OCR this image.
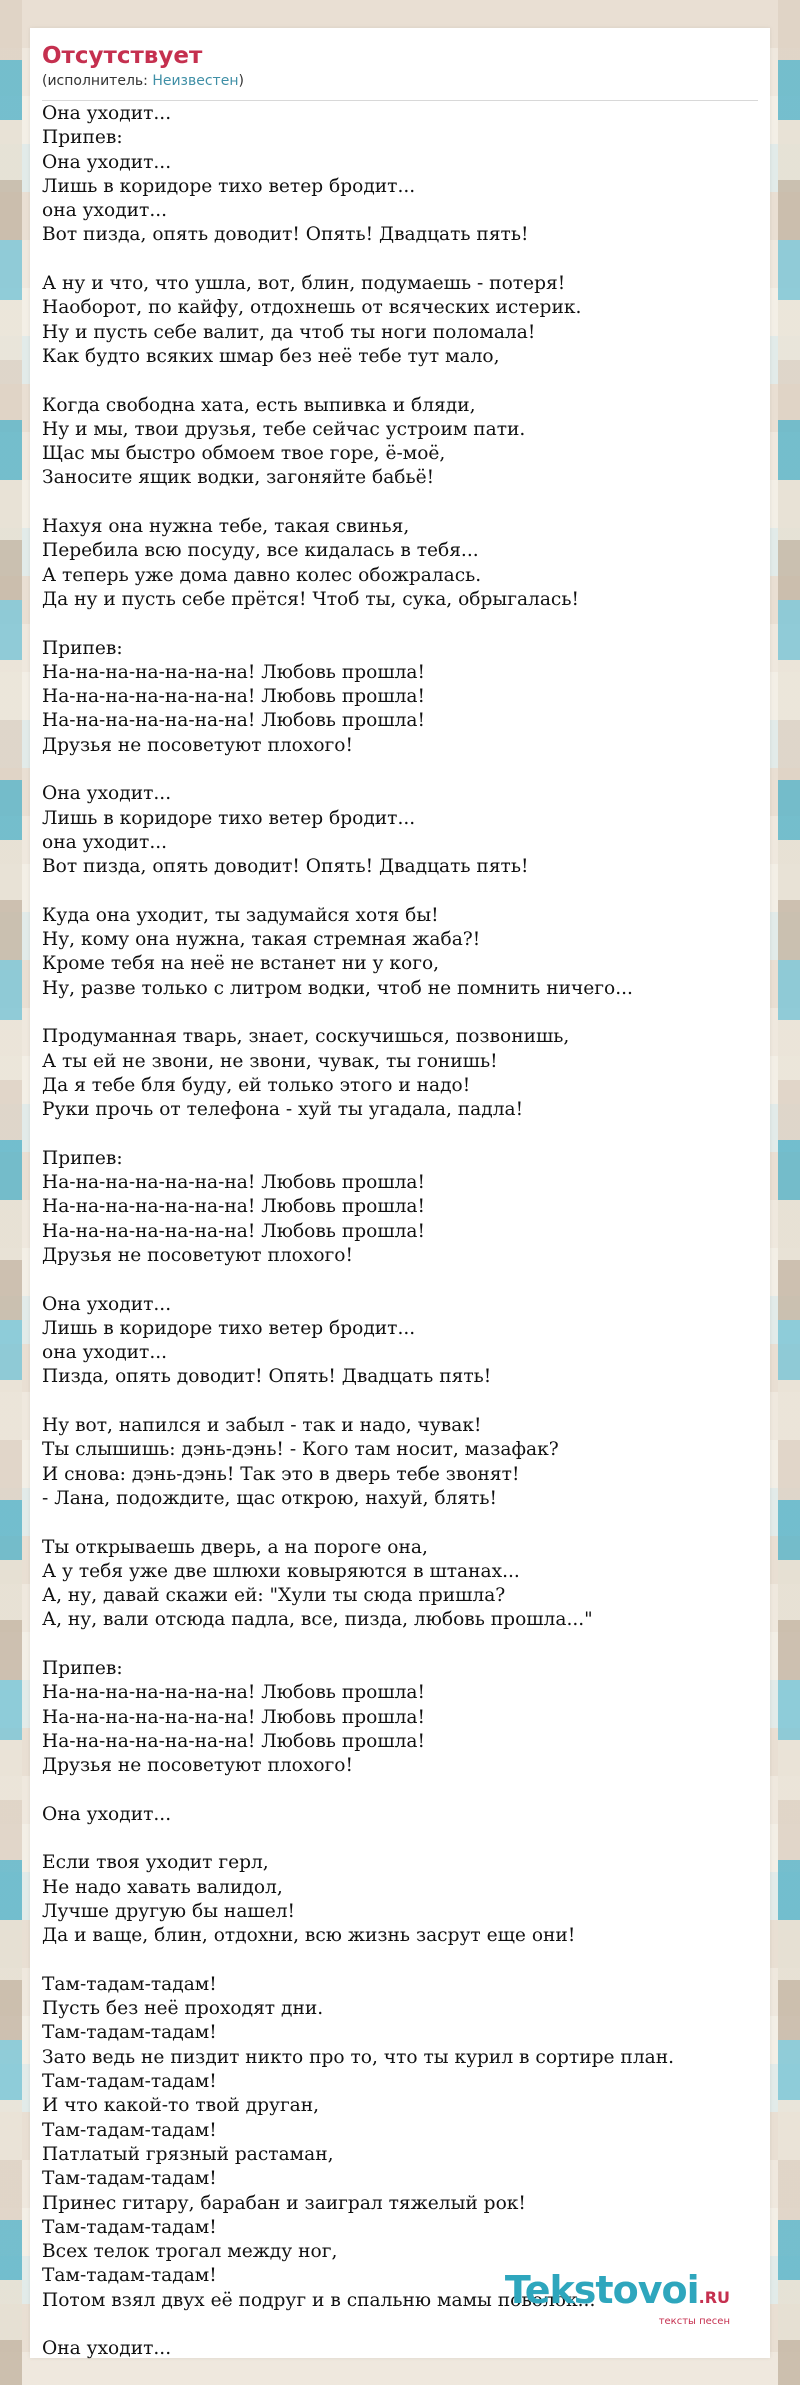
Отсутствует
(исполнитель: Неизвестен)
Она уходит...
Припев:
Она уходит...
Лишь в коридоре тихо ветер бродит...
она уходит...
Вот пизда, опять доводит! Опять! Двадцать пять!

А ну и что, что ушла, вот, блин, подумаешь - потеря!
Наоборот, по кайфу, отдохнешь от всяческих истерик.
Ну и пусть себе валит, да чтоб ты ноги поломала!
Как будто всяких шмар без неё тебе тут мало,

Когда свободна хата, есть выпивка и бляди,
Ну и мы, твои друзья, тебе сейчас устроим пати.
Щас мы быстро обмоем твое горе, ё-моё,
Заносите ящик водки, загоняйте бабьё!

Нахуя она нужна тебе, такая свинья,
Перебила всю посуду, все кидалась в тебя...
А теперь уже дома давно колес обожралась.
Да ну и пусть себе прётся! Чтоб ты, сука, обрыгалась!

Припев:
На-на-на-на-на-на-на! Любовь прошла!
На-на-на-на-на-на-на! Любовь прошла!
На-на-на-на-на-на-на! Любовь прошла!
Друзья не посоветуют плохого!

Она уходит...
Лишь в коридоре тихо ветер бродит...
она уходит...
Вот пизда, опять доводит! Опять! Двадцать пять!

Куда она уходит, ты задумайся хотя бы!
Ну, кому она нужна, такая стремная жаба?!
Кроме тебя на неё не встанет ни у кого,
Ну, разве только с литром водки, чтоб не помнить ничего...

Продуманная тварь, знает, соскучишься, позвонишь,
А ты ей не звони, не звони, чувак, ты гонишь!
Да я тебе бля буду, ей только этого и надо!
Руки прочь от телефона - хуй ты угадала, падла!

Припев:
На-на-на-на-на-на-на! Любовь прошла!
На-на-на-на-на-на-на! Любовь прошла!
На-на-на-на-на-на-на! Любовь прошла!
Друзья не посоветуют плохого!

Она уходит...
Лишь в коридоре тихо ветер бродит...
она уходит...
Пизда, опять доводит! Опять! Двадцать пять!

Ну вот, напился и забыл - так и надо, чувак!
Ты слышишь: дэнь-дэнь! - Кого там носит, мазафак?
И снова: дэнь-дэнь! Так это в дверь тебе звонят!
- Лана, подождите, щас открою, нахуй, блять!

Ты открываешь дверь, а на пороге она,
А у тебя уже две шлюхи ковыряются в штанах...
А, ну, давай скажи ей: "Хули ты сюда пришла?
А, ну, вали отсюда падла, все, пизда, любовь прошла..."

Припев:
На-на-на-на-на-на-на! Любовь прошла!
На-на-на-на-на-на-на! Любовь прошла!
На-на-на-на-на-на-на! Любовь прошла!
Друзья не посоветуют плохого!

Она уходит...

Если твоя уходит герл,
Не надо хавать валидол,
Лучше другую бы нашел!
Да и ваще, блин, отдохни, всю жизнь засрут еще они!

Там-тадам-тадам!
Пусть без неё проходят дни.
Там-тадам-тадам!
Зато ведь не пиздит никто про то, что ты курил в сортире план.
Там-тадам-тадам!
И что какой-то твой друган,
Там-тадам-тадам!
Патлатый грязный растаман,
Там-тадам-тадам!
Принес гитару, барабан и заиграл тяжелый рок!
Там-тадам-тадам!
Всех телок трогал между ног,
Там-тадам-тадам!
Потом взял двух её подруг и в спальню мамы поволок...

Она уходит...
Tekstovoi.RU
тексты песен
